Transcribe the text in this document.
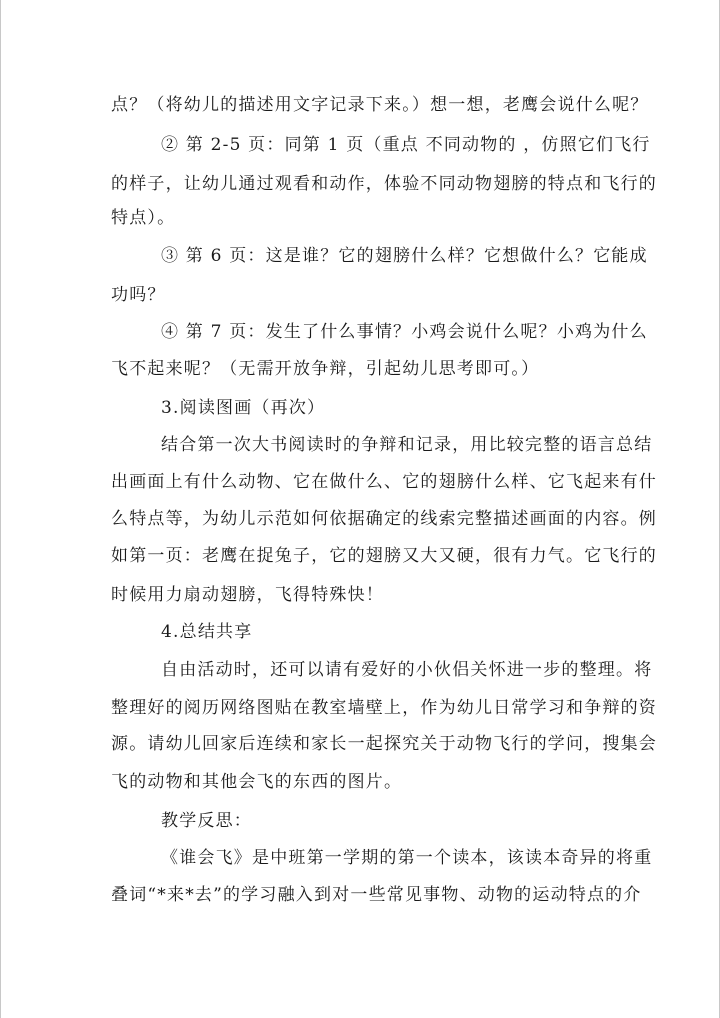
点？（将幼儿的描述用文字记录下来。）想一想，老鹰会说什么呢？
② 第 2-5 页：同第 1 页（重点 不同动物的 ，仿照它们飞行
的样子，让幼儿通过观看和动作，体验不同动物翅膀的特点和飞行的
特点）。
③ 第 6 页：这是谁？它的翅膀什么样？它想做什么？它能成
功吗？
④ 第 7 页：发生了什么事情？小鸡会说什么呢？小鸡为什么
飞不起来呢？（无需开放争辩，引起幼儿思考即可。）
3.阅读图画（再次）
结合第一次大书阅读时的争辩和记录，用比较完整的语言总结
出画面上有什么动物、它在做什么、它的翅膀什么样、它飞起来有什
么特点等，为幼儿示范如何依据确定的线索完整描述画面的内容。例
如第一页：老鹰在捉兔子，它的翅膀又大又硬，很有力气。它飞行的
时候用力扇动翅膀，飞得特殊快！
4.总结共享
自由活动时，还可以请有爱好的小伙侣关怀进一步的整理。将
整理好的阅历网络图贴在教室墙壁上，作为幼儿日常学习和争辩的资
源。请幼儿回家后连续和家长一起探究关于动物飞行的学问，搜集会
飞的动物和其他会飞的东西的图片。
教学反思：
《谁会飞》是中班第一学期的第一个读本，该读本奇异的将重
叠词“*来*去”的学习融入到对一些常见事物、动物的运动特点的介
